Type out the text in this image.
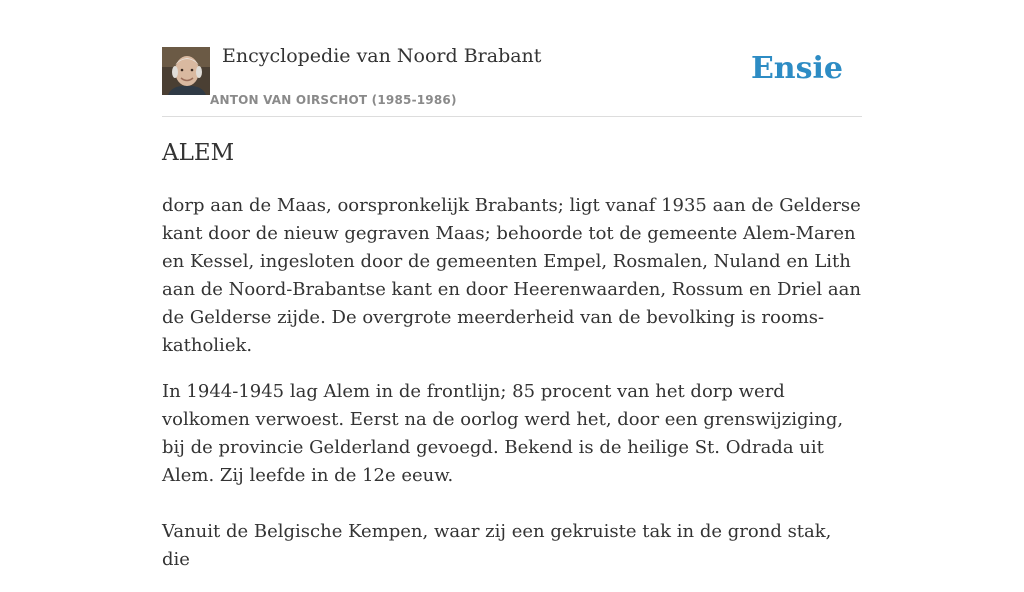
Encyclopedie van Noord Brabant
ANTON VAN OIRSCHOT (1985-1986)
Ensie
ALEM

dorp aan de Maas, oorspronkelijk Brabants; ligt vanaf 1935 aan de Gelderse kant door de nieuw gegraven Maas; behoorde tot de gemeente Alem-Maren en Kessel, ingesloten door de gemeenten Empel, Rosmalen, Nuland en Lith aan de Noord-Brabantse kant en door Heerenwaarden, Rossum en Driel aan de Gelderse zijde. De overgrote meerderheid van de bevolking is rooms-katholiek.

In 1944-1945 lag Alem in de frontlijn; 85 procent van het dorp werd volkomen verwoest. Eerst na de oorlog werd het, door een grenswijziging, bij de provincie Gelderland gevoegd. Bekend is de heilige St. Odrada uit Alem. Zij leefde in de 12e eeuw.

Vanuit de Belgische Kempen, waar zij een gekruiste tak in de grond stak, die
